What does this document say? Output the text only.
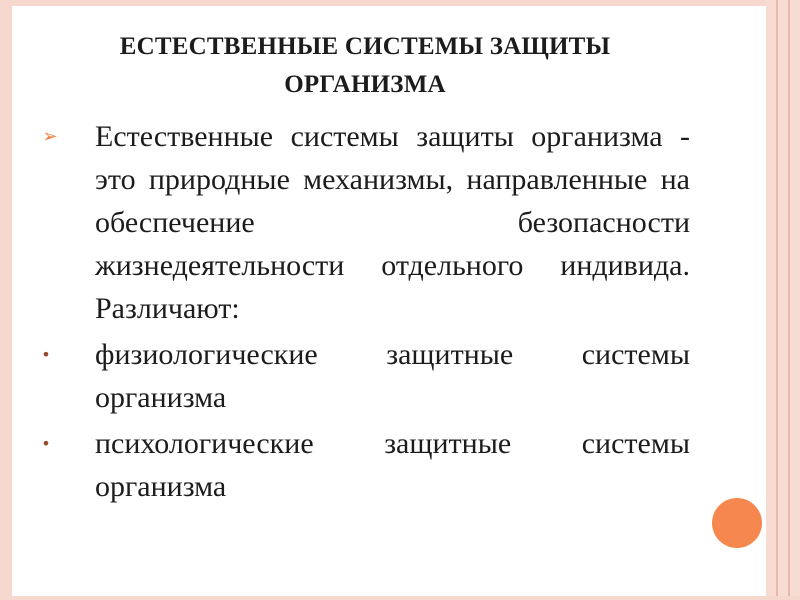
ЕСТЕСТВЕННЫЕ СИСТЕМЫ ЗАЩИТЫ
ОРГАНИЗМА
➢	Естественные системы защиты организма - это природные механизмы, направленные на обеспечение безопасности жизнедеятельности отдельного индивида. Различают:
• физиологические защитные системы организма
• психологические защитные системы организма
